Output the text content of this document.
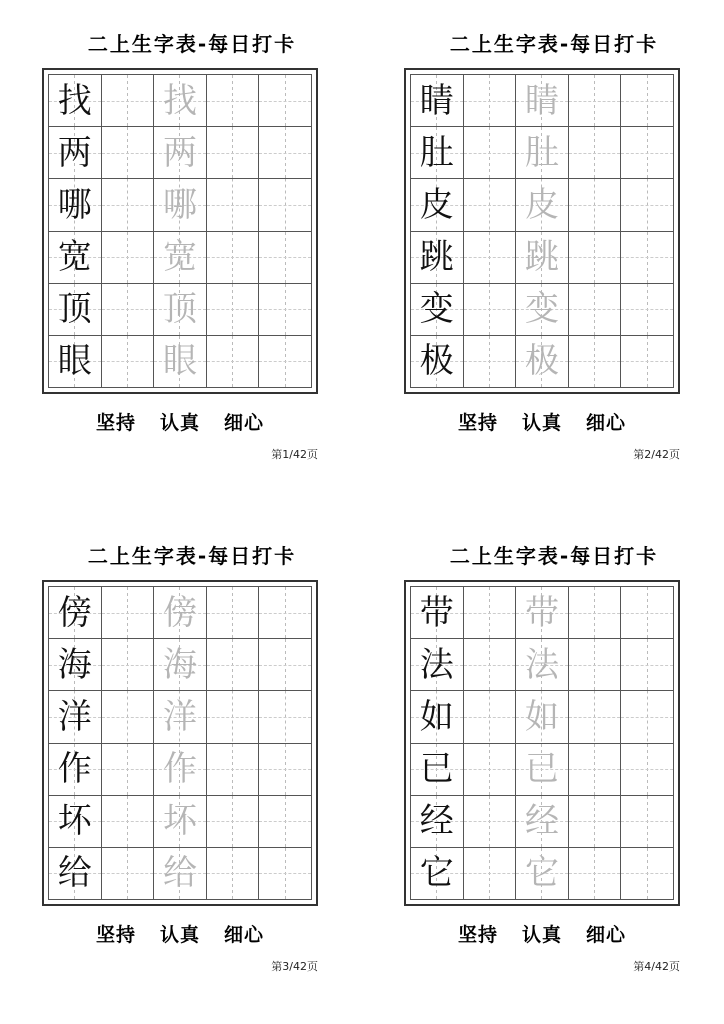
二上生字表-每日打卡
找 找
两 两
哪 哪
宽 宽
顶 顶
眼 眼
坚持 认真 细心
第1/42页
二上生字表-每日打卡
睛 睛
肚 肚
皮 皮
跳 跳
变 变
极 极
坚持 认真 细心
第2/42页
二上生字表-每日打卡
傍 傍
海 海
洋 洋
作 作
坏 坏
给 给
坚持 认真 细心
第3/42页
二上生字表-每日打卡
带 带
法 法
如 如
已 已
经 经
它 它
坚持 认真 细心
第4/42页
